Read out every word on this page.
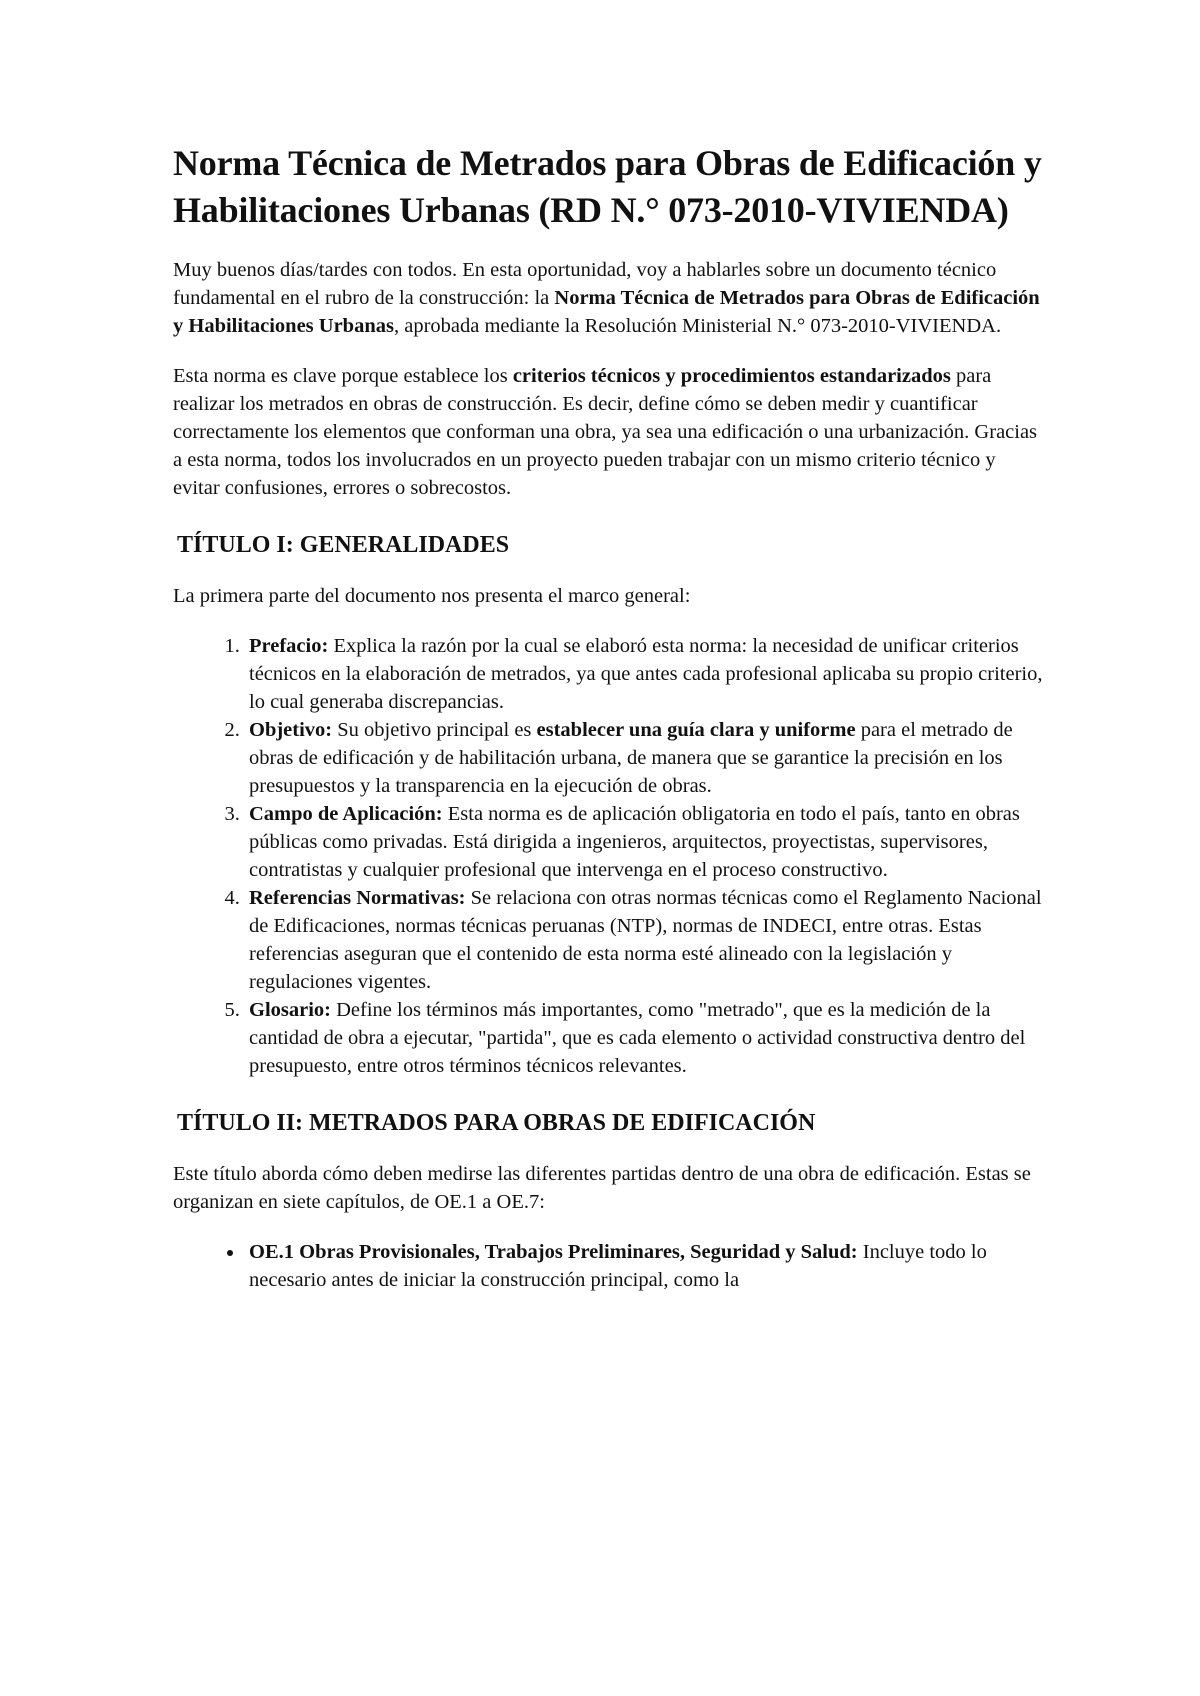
Norma Técnica de Metrados para Obras de Edificación y Habilitaciones Urbanas (RD N.° 073-2010-VIVIENDA)

Muy buenos días/tardes con todos. En esta oportunidad, voy a hablarles sobre un documento técnico fundamental en el rubro de la construcción: la Norma Técnica de Metrados para Obras de Edificación y Habilitaciones Urbanas, aprobada mediante la Resolución Ministerial N.° 073-2010-VIVIENDA.

Esta norma es clave porque establece los criterios técnicos y procedimientos estandarizados para realizar los metrados en obras de construcción. Es decir, define cómo se deben medir y cuantificar correctamente los elementos que conforman una obra, ya sea una edificación o una urbanización. Gracias a esta norma, todos los involucrados en un proyecto pueden trabajar con un mismo criterio técnico y evitar confusiones, errores o sobrecostos.

TÍTULO I: GENERALIDADES

La primera parte del documento nos presenta el marco general:

1. Prefacio: Explica la razón por la cual se elaboró esta norma: la necesidad de unificar criterios técnicos en la elaboración de metrados, ya que antes cada profesional aplicaba su propio criterio, lo cual generaba discrepancias.
2. Objetivo: Su objetivo principal es establecer una guía clara y uniforme para el metrado de obras de edificación y de habilitación urbana, de manera que se garantice la precisión en los presupuestos y la transparencia en la ejecución de obras.
3. Campo de Aplicación: Esta norma es de aplicación obligatoria en todo el país, tanto en obras públicas como privadas. Está dirigida a ingenieros, arquitectos, proyectistas, supervisores, contratistas y cualquier profesional que intervenga en el proceso constructivo.
4. Referencias Normativas: Se relaciona con otras normas técnicas como el Reglamento Nacional de Edificaciones, normas técnicas peruanas (NTP), normas de INDECI, entre otras. Estas referencias aseguran que el contenido de esta norma esté alineado con la legislación y regulaciones vigentes.
5. Glosario: Define los términos más importantes, como "metrado", que es la medición de la cantidad de obra a ejecutar, "partida", que es cada elemento o actividad constructiva dentro del presupuesto, entre otros términos técnicos relevantes.
TÍTULO II: METRADOS PARA OBRAS DE EDIFICACIÓN

Este título aborda cómo deben medirse las diferentes partidas dentro de una obra de edificación. Estas se organizan en siete capítulos, de OE.1 a OE.7:

• OE.1 Obras Provisionales, Trabajos Preliminares, Seguridad y Salud: Incluye todo lo necesario antes de iniciar la construcción principal, como la
